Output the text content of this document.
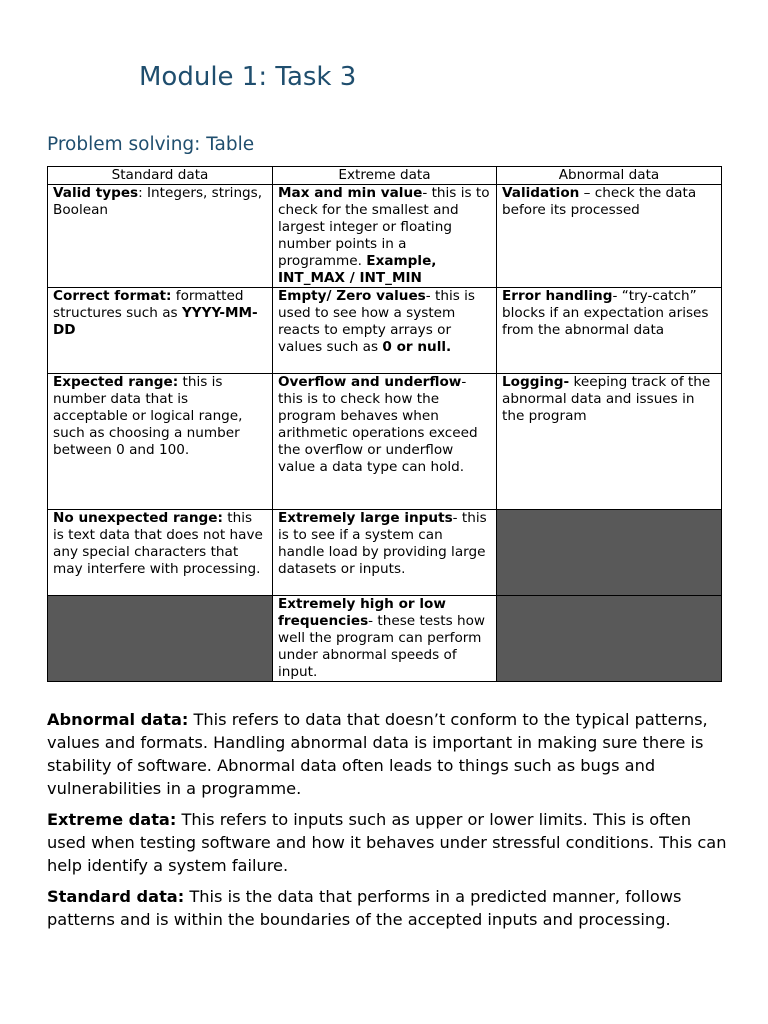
Module 1: Task 3
Problem solving: Table
Standard data	Extreme data	Abnormal data
Valid types: Integers, strings, Boolean	Max and min value- this is to check for the smallest and largest integer or floating number points in a programme. Example, INT_MAX / INT_MIN	Validation – check the data before its processed
Correct format: formatted structures such as YYYY-MM-DD	Empty/ Zero values- this is used to see how a system reacts to empty arrays or values such as 0 or null.	Error handling- “try-catch” blocks if an expectation arises from the abnormal data
Expected range: this is number data that is acceptable or logical range, such as choosing a number between 0 and 100.	Overflow and underflow- this is to check how the program behaves when arithmetic operations exceed the overflow or underflow value a data type can hold.	Logging- keeping track of the abnormal data and issues in the program
No unexpected range: this is text data that does not have any special characters that may interfere with processing.	Extremely large inputs- this is to see if a system can handle load by providing large datasets or inputs.	
	Extremely high or low frequencies- these tests how well the program can perform under abnormal speeds of input.	

Abnormal data: This refers to data that doesn’t conform to the typical patterns, values and formats. Handling abnormal data is important in making sure there is stability of software. Abnormal data often leads to things such as bugs and vulnerabilities in a programme.

Extreme data: This refers to inputs such as upper or lower limits. This is often used when testing software and how it behaves under stressful conditions. This can help identify a system failure.

Standard data: This is the data that performs in a predicted manner, follows patterns and is within the boundaries of the accepted inputs and processing.
